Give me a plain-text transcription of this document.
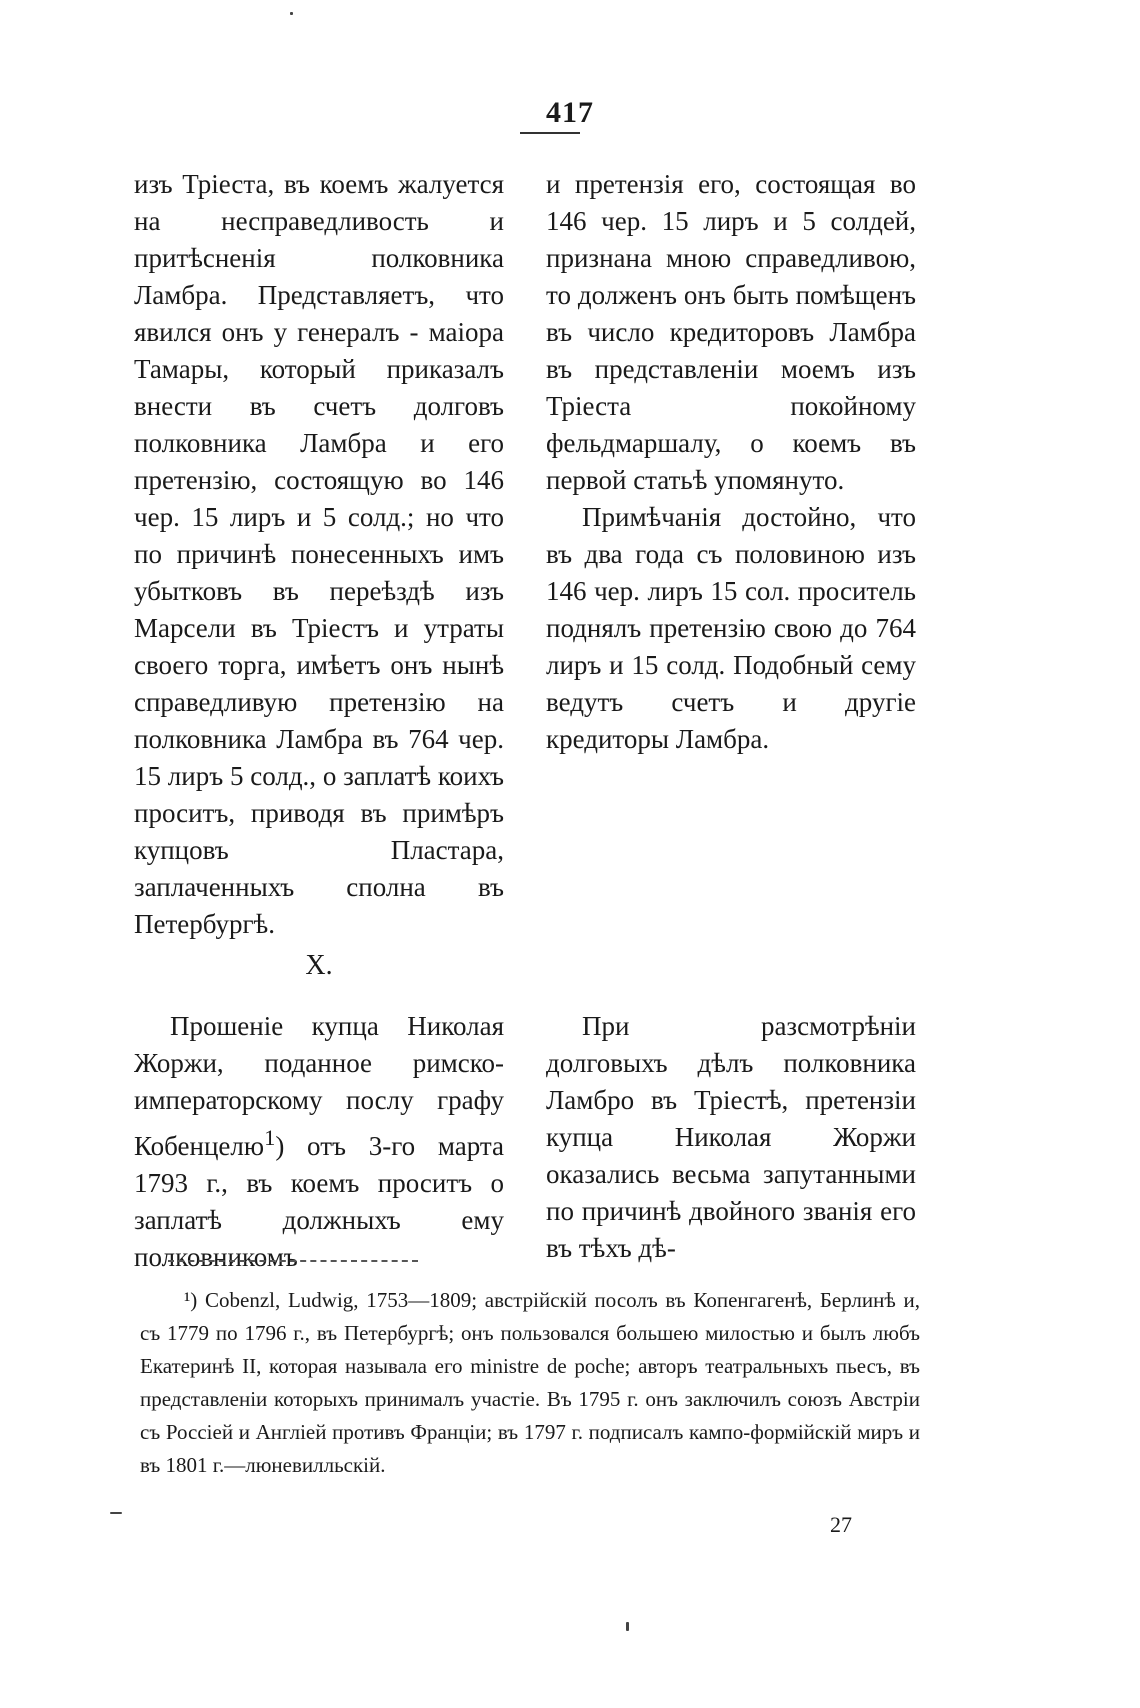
417

изъ Тріеста, въ коемъ жалуется на несправедливость и притѣсненія полковника Ламбра. Представляетъ, что явился онъ у генералъ - маіора Тамары, который приказалъ внести въ счетъ долговъ полковника Ламбра и его претензію, состоящую во 146 чер. 15 лиръ и 5 солд.; но что по причинѣ понесенныхъ имъ убытковъ въ переѣздѣ изъ Марсели въ Тріестъ и утраты своего торга, имѣетъ онъ нынѣ справедливую претензію на полковника Ламбра въ 764 чер. 15 лиръ 5 солд., о заплатѣ коихъ проситъ, приводя въ примѣръ купцовъ Пластара, заплаченныхъ сполна въ Петербургѣ.

и претензія его, состоящая во 146 чер. 15 лиръ и 5 солдей, признана мною справедливою, то долженъ онъ быть помѣщенъ въ число кредиторовъ Ламбра въ представленіи моемъ изъ Тріеста покойному фельдмаршалу, о коемъ въ первой статьѣ упомянуто.

Примѣчанія достойно, что въ два года съ половиною изъ 146 чер. лиръ 15 сол. проситель поднялъ претензію свою до 764 лиръ и 15 солд. Подобный сему ведутъ счетъ и другіе кредиторы Ламбра.

X.

Прошеніе купца Николая Жоржи, поданное римско-императорскому послу графу Кобенцелю$^1$) отъ 3-го марта 1793 г., въ коемъ проситъ о заплатѣ должныхъ ему полковникомъ

При разсмотрѣніи долговыхъ дѣлъ полковника Ламбро въ Тріестѣ, претензіи купца Николая Жоржи оказались весьма запутанными по причинѣ двойного званія его въ тѣхъ дѣ-

¹) Cobenzl, Ludwig, 1753—1809; австрійскій посолъ въ Копенгагенѣ, Берлинѣ и, съ 1779 по 1796 г., въ Петербургѣ; онъ пользовался большею милостью и былъ любъ Екатеринѣ II, которая называла его ministre de poche; авторъ театральныхъ пьесъ, въ представленіи которыхъ принималъ участіе. Въ 1795 г. онъ заключилъ союзъ Австріи съ Россіей и Англіей противъ Франціи; въ 1797 г. подписалъ кампо-формійскій миръ и въ 1801 г.—люневилльскій.
27
